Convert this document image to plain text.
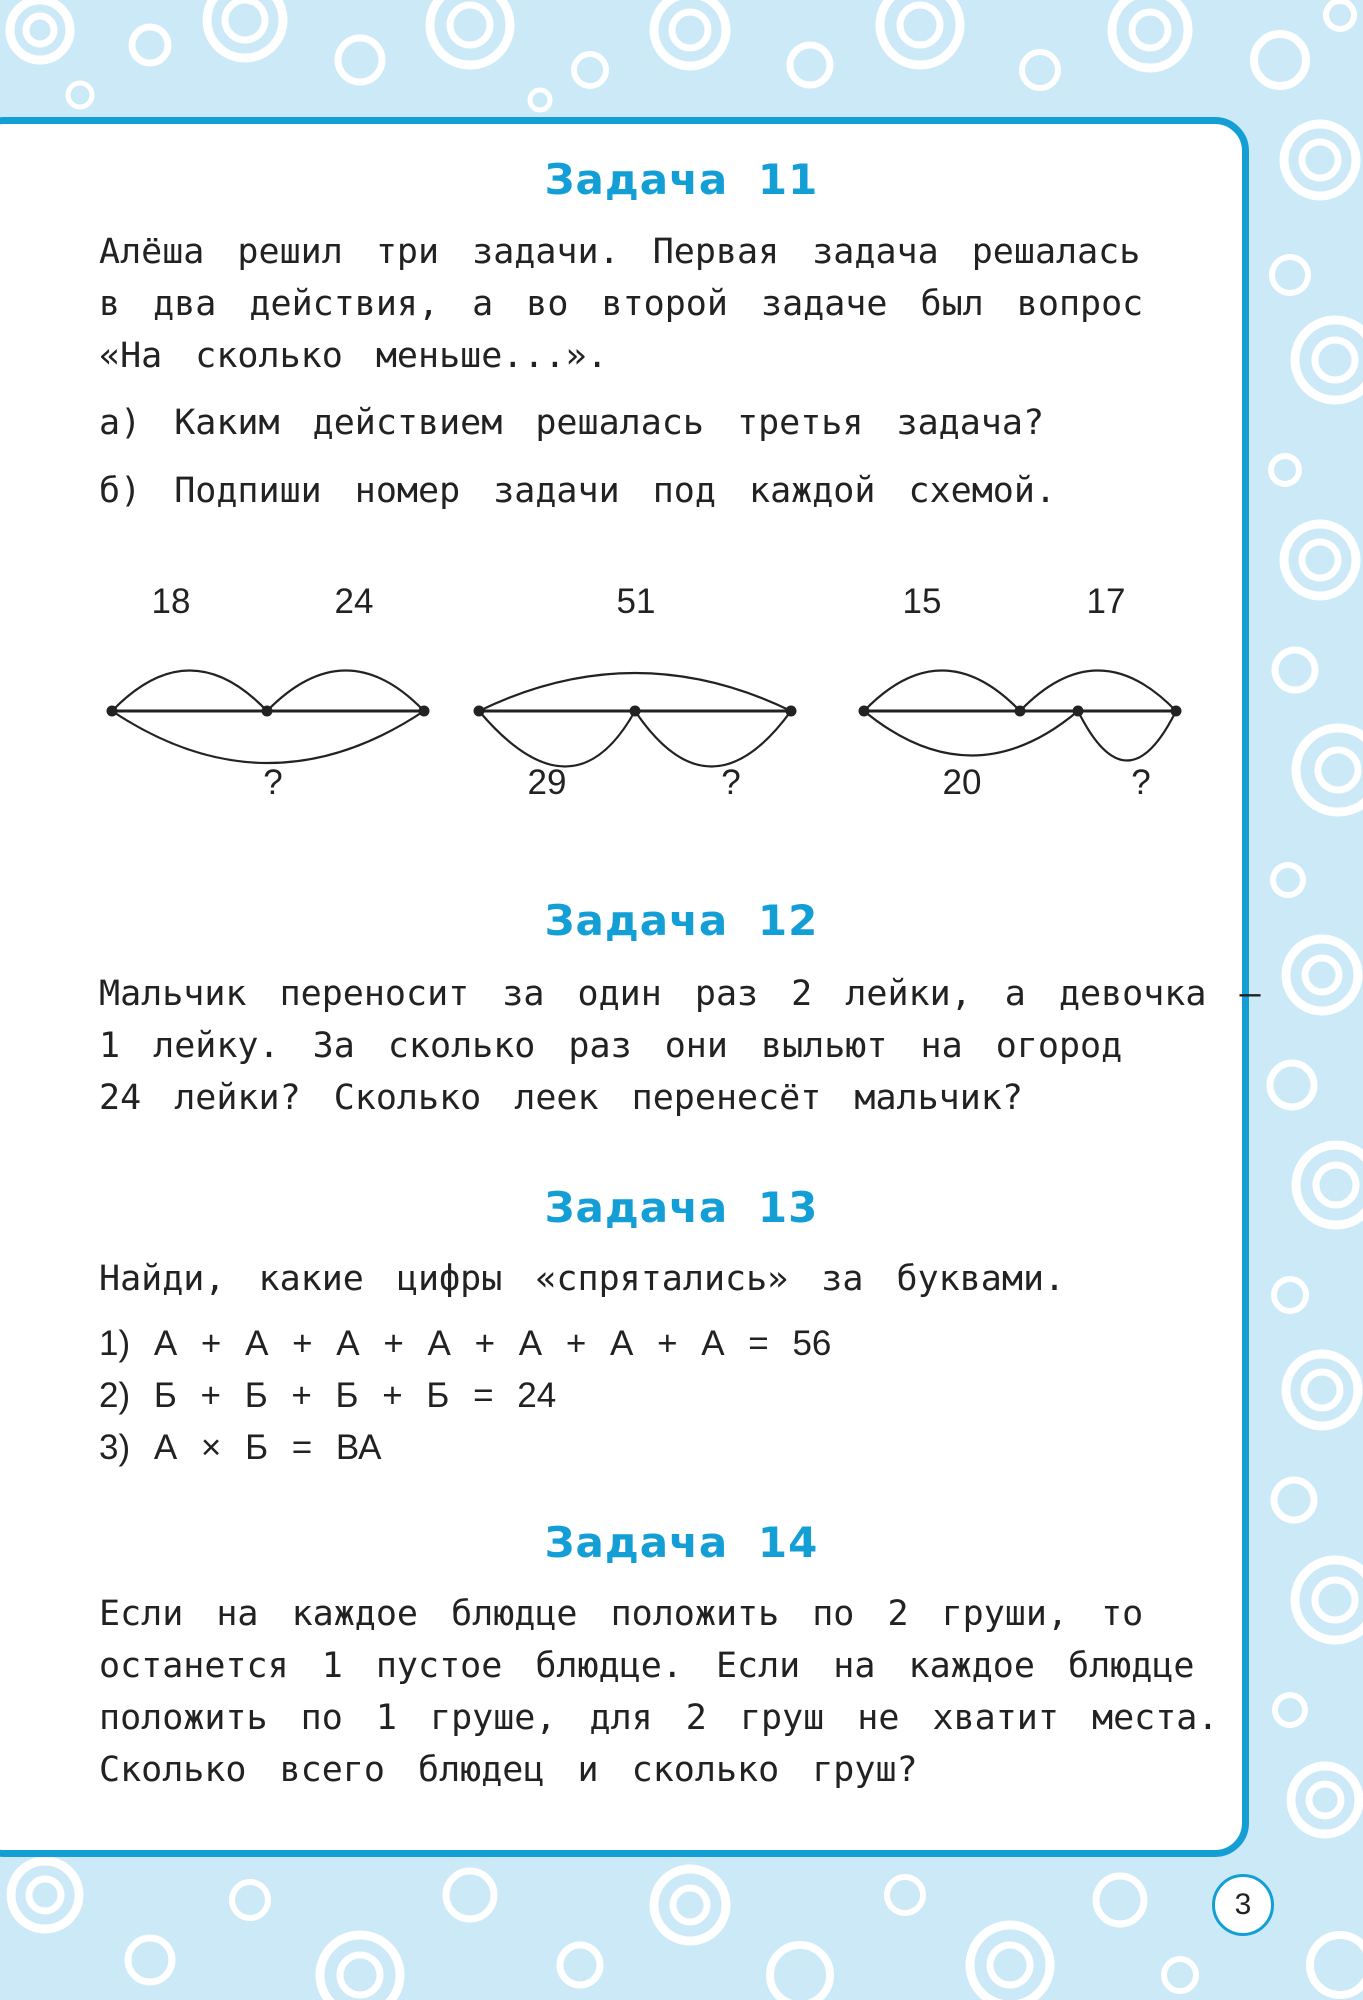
Задача 11

Алёша решил три задачи. Первая задача решалась

в два действия, а во второй задаче был вопрос

«На сколько меньше...».

а) Каким действием решалась третья задача?
б) Подпиши номер задачи под каждой схемой.
18	24
?
51
29	?
15	17
20	?
Задача 12

Мальчик переносит за один раз 2 лейки, а девочка —

1 лейку. За сколько раз они выльют на огород

24 лейки? Сколько леек перенесёт мальчик?

Задача 13
Найди, какие цифры «спрятались» за буквами.

1) А + А + А + А + А + А + А = 56

2) Б + Б + Б + Б = 24

3) А × Б = ВА

Задача 14

Если на каждое блюдце положить по 2 груши, то

останется 1 пустое блюдце. Если на каждое блюдце

положить по 1 груше, для 2 груш не хватит места.

Сколько всего блюдец и сколько груш?

3
